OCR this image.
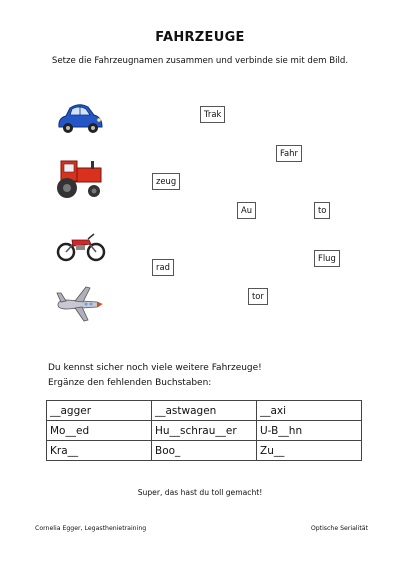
FAHRZEUGE
Setze die Fahrzeugnamen zusammen und verbinde sie mit dem Bild.
Trak
Fahr
zeug
Au	to
Flug
rad
tor
Du kennst sicher noch viele weitere Fahrzeuge!
Ergänze den fehlenden Buchstaben:
__agger	__astwagen	__axi
Mo__ed	Hu__schrau__er	U-B__hn
Kra__	Boo_	Zu__
Super, das hast du toll gemacht!
Cornelia Egger, Legasthenietraining	Optische Serialität
